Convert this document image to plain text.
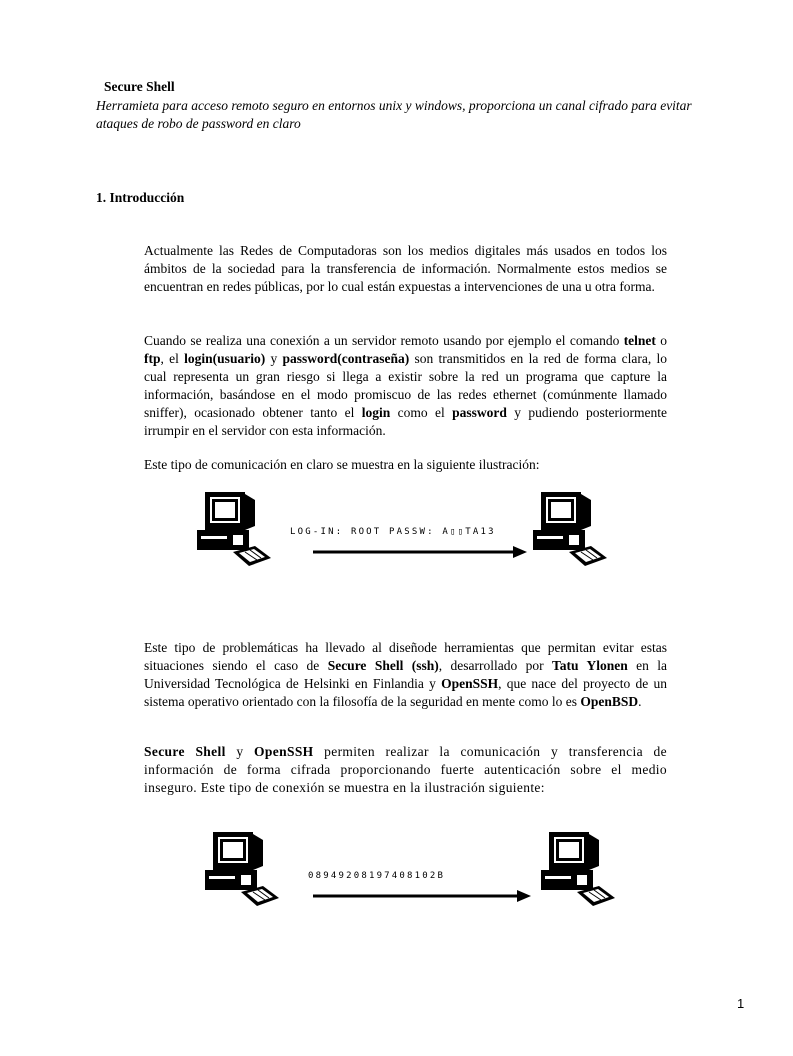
Secure Shell
Herramieta para acceso remoto seguro en entornos unix y windows, proporciona un canal cifrado para evitar ataques de robo de password en claro
1. Introducción
Actualmente las Redes de Computadoras son los medios digitales más usados en todos los ámbitos de la sociedad para la transferencia de información. Normalmente estos medios se encuentran en redes públicas, por lo cual están expuestas a intervenciones de una u otra forma.
Cuando se realiza una conexión a un servidor remoto usando por ejemplo el comando telnet o ftp, el login(usuario) y password(contraseña) son transmitidos en la red de forma clara, lo cual representa un gran riesgo si llega a existir sobre la red un programa que capture la información, basándose en el modo promiscuo de las redes ethernet (comúnmente llamado sniffer), ocasionado obtener tanto el login como el password y pudiendo posteriormente irrumpir en el servidor con esta información.
Este tipo de comunicación en claro se muestra en la siguiente ilustración:
LOG-IN: ROOT PASSW: A▯▯TA13
Este tipo de problemáticas ha llevado al diseñode herramientas que permitan evitar estas situaciones siendo el caso de Secure Shell (ssh), desarrollado por Tatu Ylonen en la Universidad Tecnológica de Helsinki en Finlandia y OpenSSH, que nace del proyecto de un sistema operativo orientado con la filosofía de la seguridad en mente como lo es OpenBSD.
Secure Shell y OpenSSH permiten realizar la comunicación y transferencia de información de forma cifrada proporcionando fuerte autenticación sobre el medio inseguro. Este tipo de conexión se muestra en la ilustración siguiente:
08949208197408102B
1
